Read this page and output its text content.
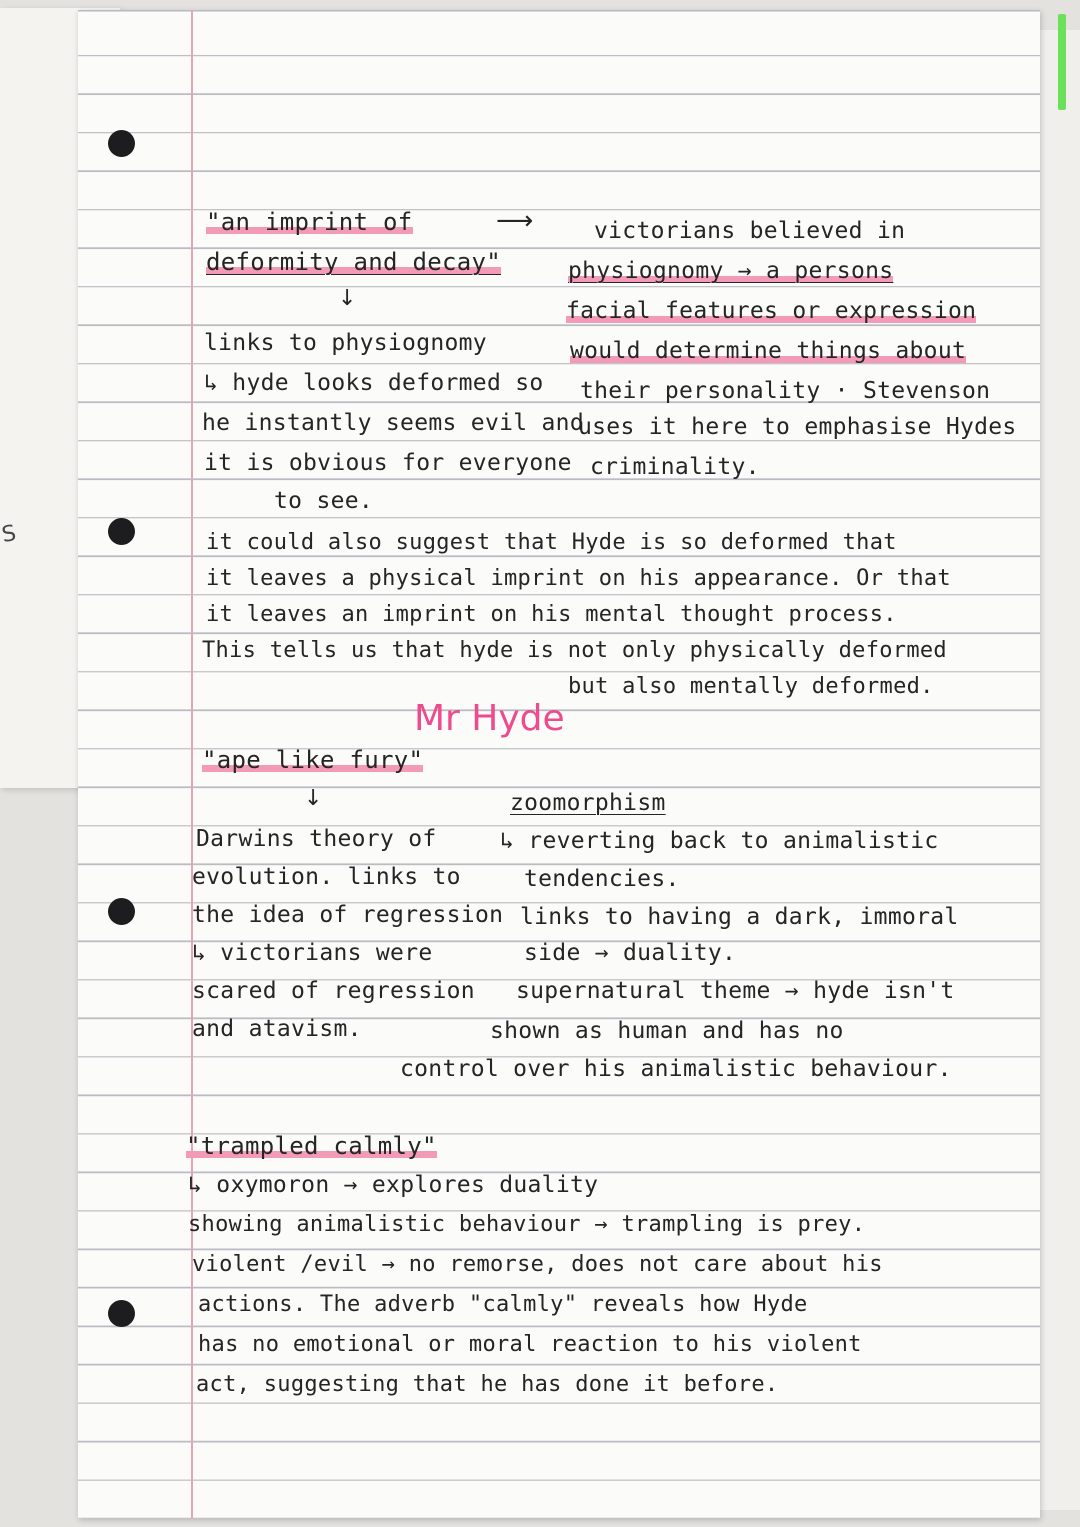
S

"an imprint of

deformity and decay"

⟶
↓

links to physiognomy

↳ hyde looks deformed so

he instantly seems evil and

it is obvious for everyone

to see.

victorians believed in

physiognomy → a persons

facial features or expression

would determine things about

their personality · Stevenson

uses it here to emphasise Hydes

criminality.

it could also suggest that Hyde is so deformed that

it leaves a physical imprint on his appearance. Or that

it leaves an imprint on his mental thought process.

This tells us that hyde is not only physically deformed

but also mentally deformed.

Mr Hyde

"ape like fury"

↓

Darwins theory of

evolution. links to

the idea of regression

↳ victorians were

scared of regression

and atavism.

zoomorphism

↳ reverting back to animalistic

tendencies.

links to having a dark, immoral

side → duality.

supernatural theme → hyde isn't

shown as human and has no

control over his animalistic behaviour.

"trampled calmly"

↳ oxymoron → explores duality

showing animalistic behaviour → trampling is prey.

violent /evil → no remorse, does not care about his

actions. The adverb "calmly" reveals how Hyde

has no emotional or moral reaction to his violent

act, suggesting that he has done it before.
